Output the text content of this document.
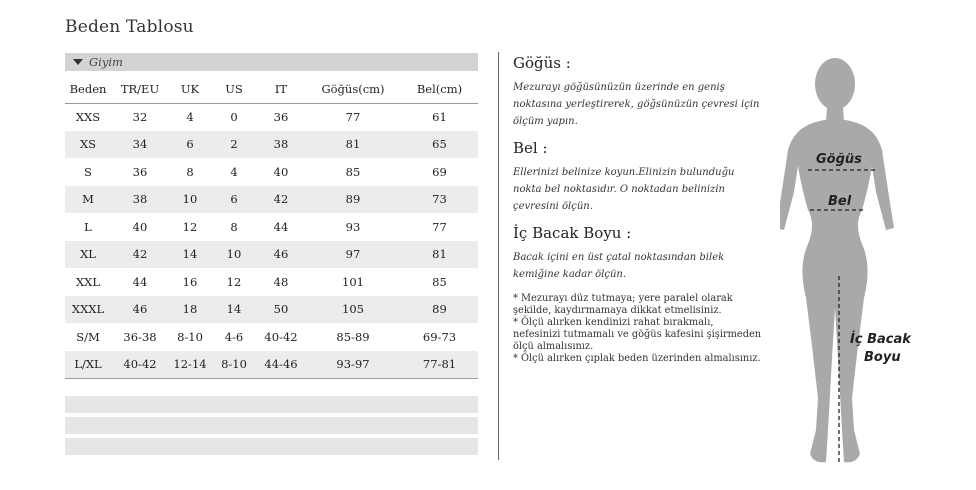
Beden Tablosu
Giyim
Beden	TR/EU	UK	US	IT	Göğüs(cm)	Bel(cm)
XXS	32	4	0	36	77	61
XS	34	6	2	38	81	65
S	36	8	4	40	85	69
M	38	10	6	42	89	73
L	40	12	8	44	93	77
XL	42	14	10	46	97	81
XXL	44	16	12	48	101	85
XXXL	46	18	14	50	105	89
S/M	36-38	8-10	4-6	40-42	85-89	69-73
L/XL	40-42	12-14	8-10	44-46	93-97	77-81
Göğüs :

Mezurayı göğüsünüzün üzerinde en geniş noktasına yerleştirerek, göğsünüzün çevresi için ölçüm yapın.

Bel :

Ellerinizi belinize koyun.Elinizin bulunduğu nokta bel noktasıdır. O noktadan belinizin çevresini ölçün.

İç Bacak Boyu :

Bacak içini en üst çatal noktasından bilek kemiğine kadar ölçün.

* Mezurayı düz tutmaya; yere paralel olarak şekilde, kaydırmamaya dikkat etmelisiniz.
* Ölçü alırken kendinizi rahat bırakmalı, nefesinizi tutmamalı ve göğüs kafesini şişirmeden ölçü almalısınız.
* Ölçü alırken çıplak beden üzerinden almalısınız.
Göğüs
Bel
İç Bacak
Boyu
